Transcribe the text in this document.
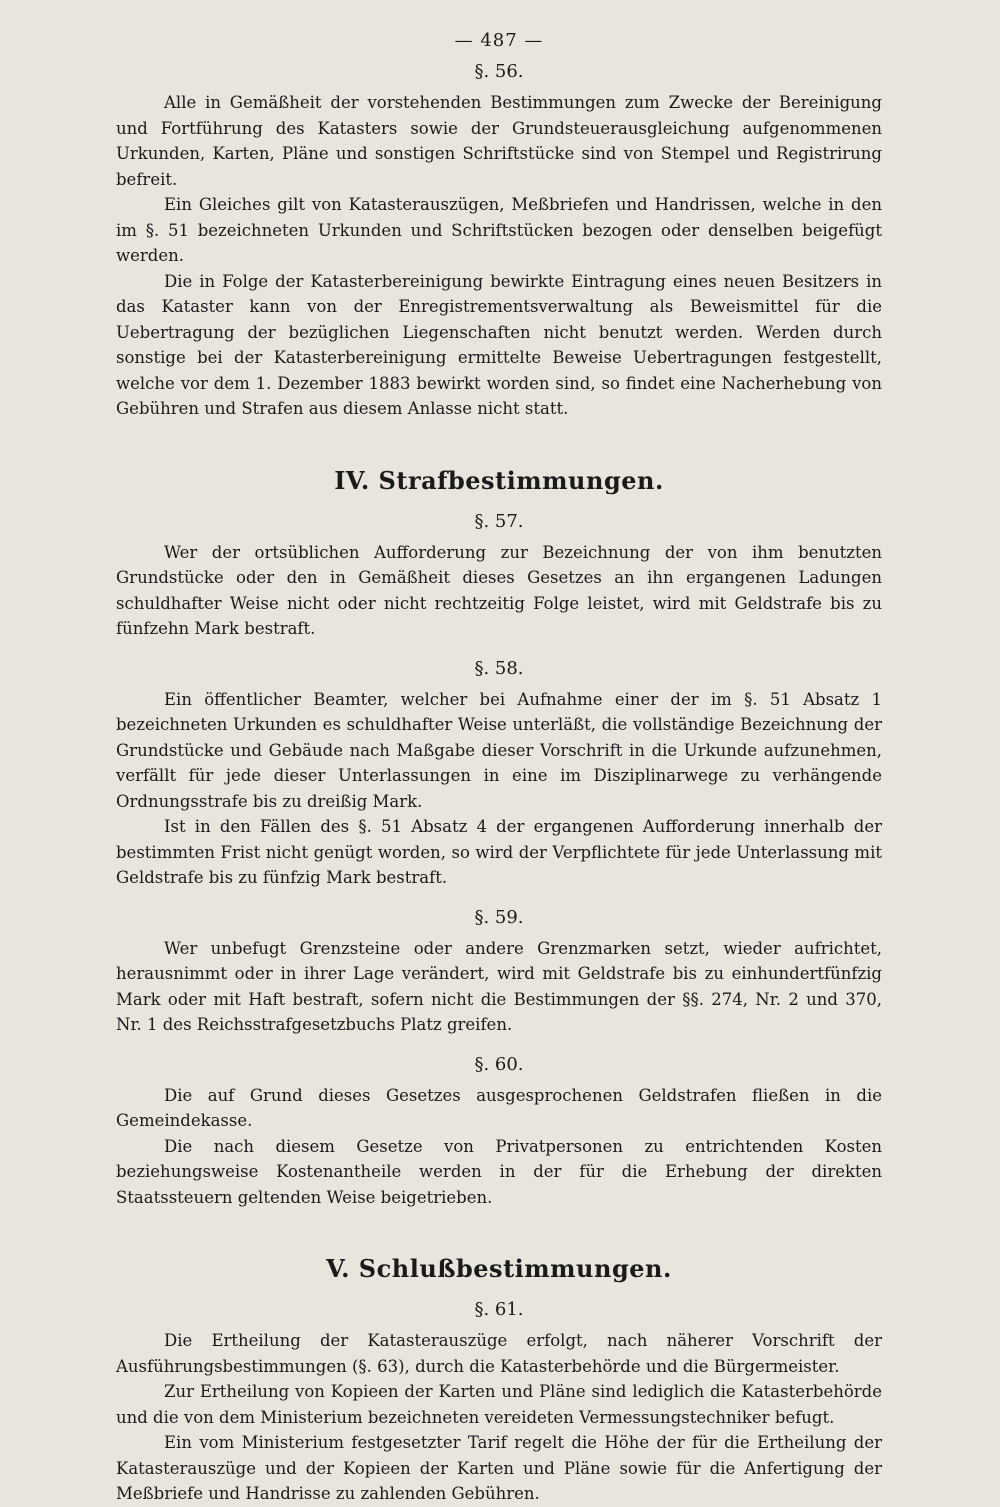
— 487 —
§. 56.

Alle in Gemäßheit der vorstehenden Bestimmungen zum Zwecke der Bereinigung und Fortführung des Katasters sowie der Grundsteuerausgleichung aufgenommenen Urkunden, Karten, Pläne und sonstigen Schriftstücke sind von Stempel und Registrirung befreit.

Ein Gleiches gilt von Katasterauszügen, Meßbriefen und Handrissen, welche in den im §. 51 bezeichneten Urkunden und Schriftstücken bezogen oder denselben beigefügt werden.

Die in Folge der Katasterbereinigung bewirkte Eintragung eines neuen Besitzers in das Kataster kann von der Enregistrementsverwaltung als Beweismittel für die Uebertragung der bezüglichen Liegenschaften nicht benutzt werden. Werden durch sonstige bei der Katasterbereinigung ermittelte Beweise Uebertragungen festgestellt, welche vor dem 1. Dezember 1883 bewirkt worden sind, so findet eine Nacherhebung von Gebühren und Strafen aus diesem Anlasse nicht statt.

IV. Strafbestimmungen.
§. 57.

Wer der ortsüblichen Aufforderung zur Bezeichnung der von ihm benutzten Grundstücke oder den in Gemäßheit dieses Gesetzes an ihn ergangenen Ladungen schuldhafter Weise nicht oder nicht rechtzeitig Folge leistet, wird mit Geldstrafe bis zu fünfzehn Mark bestraft.

§. 58.

Ein öffentlicher Beamter, welcher bei Aufnahme einer der im §. 51 Absatz 1 bezeichneten Urkunden es schuldhafter Weise unterläßt, die vollständige Bezeichnung der Grundstücke und Gebäude nach Maßgabe dieser Vorschrift in die Urkunde aufzunehmen, verfällt für jede dieser Unterlassungen in eine im Disziplinarwege zu verhängende Ordnungsstrafe bis zu dreißig Mark.

Ist in den Fällen des §. 51 Absatz 4 der ergangenen Aufforderung innerhalb der bestimmten Frist nicht genügt worden, so wird der Verpflichtete für jede Unterlassung mit Geldstrafe bis zu fünfzig Mark bestraft.

§. 59.

Wer unbefugt Grenzsteine oder andere Grenzmarken setzt, wieder aufrichtet, herausnimmt oder in ihrer Lage verändert, wird mit Geldstrafe bis zu einhundertfünfzig Mark oder mit Haft bestraft, sofern nicht die Bestimmungen der §§. 274, Nr. 2 und 370, Nr. 1 des Reichsstrafgesetzbuchs Platz greifen.

§. 60.

Die auf Grund dieses Gesetzes ausgesprochenen Geldstrafen fließen in die Gemeindekasse.

Die nach diesem Gesetze von Privatpersonen zu entrichtenden Kosten beziehungsweise Kostenantheile werden in der für die Erhebung der direkten Staatssteuern geltenden Weise beigetrieben.

V. Schlußbestimmungen.
§. 61.

Die Ertheilung der Katasterauszüge erfolgt, nach näherer Vorschrift der Ausführungsbestimmungen (§. 63), durch die Katasterbehörde und die Bürgermeister.

Zur Ertheilung von Kopieen der Karten und Pläne sind lediglich die Katasterbehörde und die von dem Ministerium bezeichneten vereideten Vermessungstechniker befugt.

Ein vom Ministerium festgesetzter Tarif regelt die Höhe der für die Ertheilung der Katasterauszüge und der Kopieen der Karten und Pläne sowie für die Anfertigung der Meßbriefe und Handrisse zu zahlenden Gebühren.
